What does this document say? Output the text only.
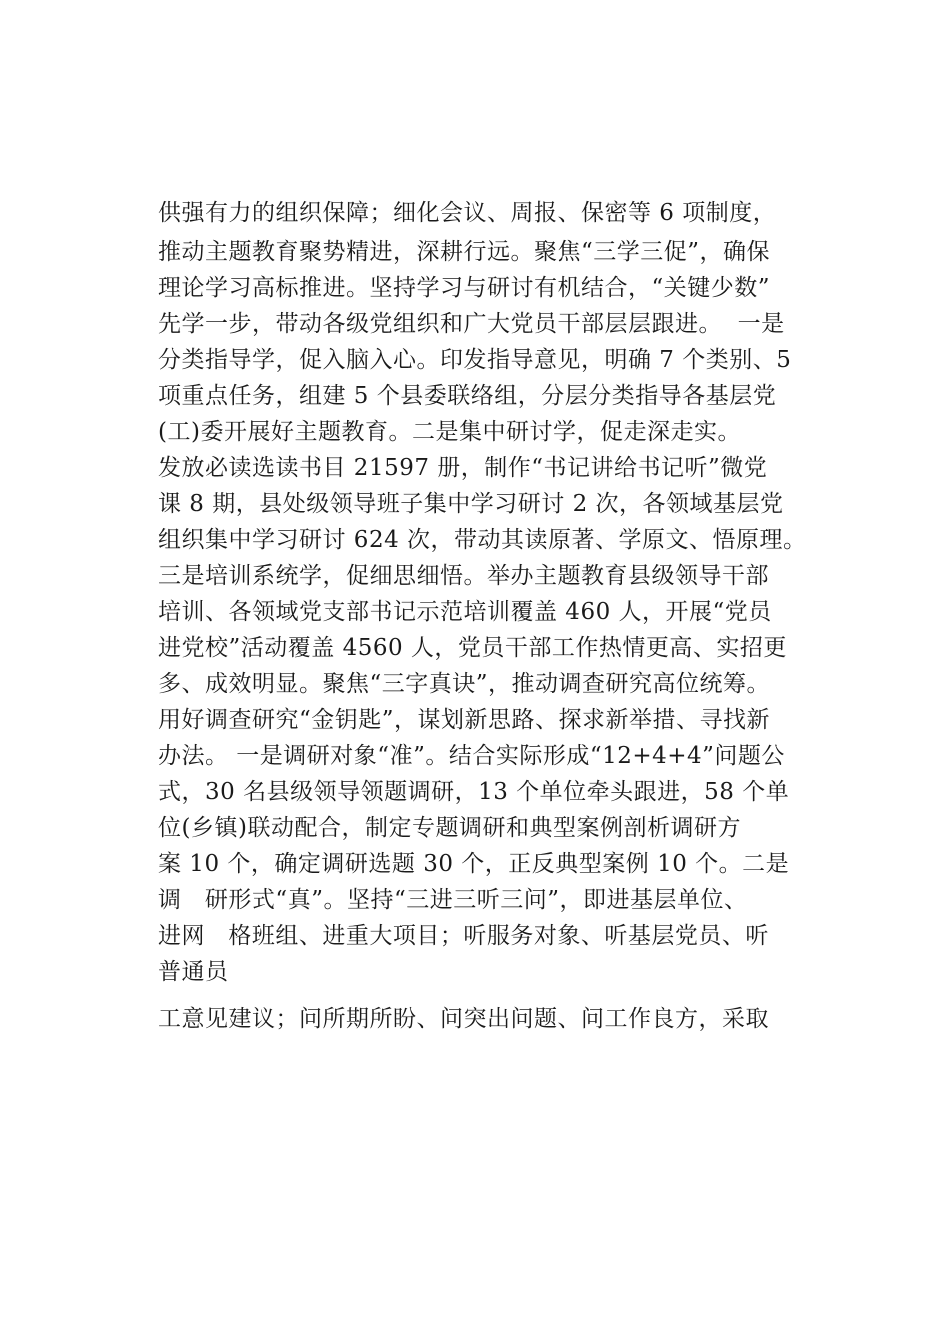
供强有力的组织保障；细化会议、周报、保密等 6 项制度，

推动主题教育聚势精进，深耕行远。聚焦“三学三促”，确保

理论学习高标推进。坚持学习与研讨有机结合，“关键少数”

先学一步，带动各级党组织和广大党员干部层层跟进。  一是

分类指导学，促入脑入心。印发指导意见，明确 7 个类别、5

项重点任务，组建 5 个县委联络组，分层分类指导各基层党

(工)委开展好主题教育。二是集中研讨学，促走深走实。

发放必读选读书目 21597 册，制作“书记讲给书记听”微党

课 8 期，县处级领导班子集中学习研讨 2 次，各领域基层党

组织集中学习研讨 624 次，带动其读原著、学原文、悟原理。

三是培训系统学，促细思细悟。举办主题教育县级领导干部

培训、各领域党支部书记示范培训覆盖 460 人，开展“党员

进党校”活动覆盖 4560 人，党员干部工作热情更高、实招更

多、成效明显。聚焦“三字真诀”，推动调查研究高位统筹。

用好调查研究“金钥匙”，谋划新思路、探求新举措、寻找新

办法。 一是调研对象“准”。结合实际形成“12+4+4”问题公

式，30 名县级领导领题调研，13 个单位牵头跟进，58 个单

位(乡镇)联动配合，制定专题调研和典型案例剖析调研方

案 10 个，确定调研选题 30 个，正反典型案例 10 个。二是

调   研形式“真”。坚持“三进三听三问”，即进基层单位、

进网   格班组、进重大项目；听服务对象、听基层党员、听

普通员

工意见建议；问所期所盼、问突出问题、问工作良方，采取
